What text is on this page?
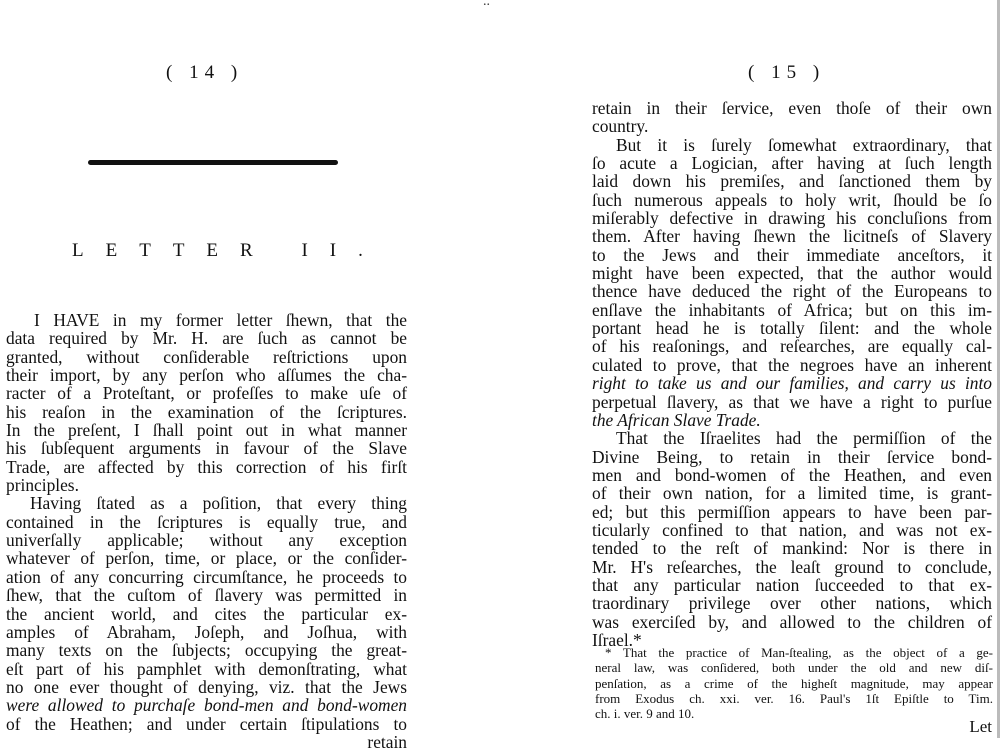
..
( 14 )
LETTER II.
I HAVE in my former letter ſhewn, that the
data required by Mr. H. are ſuch as cannot be
granted, without conſiderable reſtrictions upon
their import, by any perſon who aſſumes the cha-
racter of a Proteſtant, or profeſſes to make uſe of
his reaſon in the examination of the ſcriptures.
In the preſent, I ſhall point out in what manner
his ſubſequent arguments in favour of the Slave
Trade, are affected by this correction of his firſt
principles.
Having ſtated as a poſition, that every thing
contained in the ſcriptures is equally true, and
univerſally applicable; without any exception
whatever of perſon, time, or place, or the conſider-
ation of any concurring circumſtance, he proceeds to
ſhew, that the cuſtom of ſlavery was permitted in
the ancient world, and cites the particular ex-
amples of Abraham, Joſeph, and Joſhua, with
many texts on the ſubjects; occupying the great-
eſt part of his pamphlet with demonſtrating, what
no one ever thought of denying, viz. that the Jews
were allowed to purchaſe bond-men and bond-women
of the Heathen; and under certain ſtipulations to
retain
( 15 )
retain in their ſervice, even thoſe of their own
country.
But it is ſurely ſomewhat extraordinary, that
ſo acute a Logician, after having at ſuch length
laid down his premiſes, and ſanctioned them by
ſuch numerous appeals to holy writ, ſhould be ſo
miſerably defective in drawing his concluſions from
them. After having ſhewn the licitneſs of Slavery
to the Jews and their immediate anceſtors, it
might have been expected, that the author would
thence have deduced the right of the Europeans to
enſlave the inhabitants of Africa; but on this im-
portant head he is totally ſilent: and the whole
of his reaſonings, and reſearches, are equally cal-
culated to prove, that the negroes have an inherent
right to take us and our families, and carry us into
perpetual ſlavery, as that we have a right to purſue
the African Slave Trade.
That the Iſraelites had the permiſſion of the
Divine Being, to retain in their ſervice bond-
men and bond-women of the Heathen, and even
of their own nation, for a limited time, is grant-
ed; but this permiſſion appears to have been par-
ticularly confined to that nation, and was not ex-
tended to the reſt of mankind: Nor is there in
Mr. H's reſearches, the leaſt ground to conclude,
that any particular nation ſucceeded to that ex-
traordinary privilege over other nations, which
was exerciſed by, and allowed to the children of
Iſrael.*
* That the practice of Man-ſtealing, as the object of a ge-
neral law, was conſidered, both under the old and new diſ-
penſation, as a crime of the higheſt magnitude, may appear
from Exodus ch. xxi. ver. 16. Paul's 1ſt Epiſtle to Tim.
ch. i. ver. 9 and 10.
Let
